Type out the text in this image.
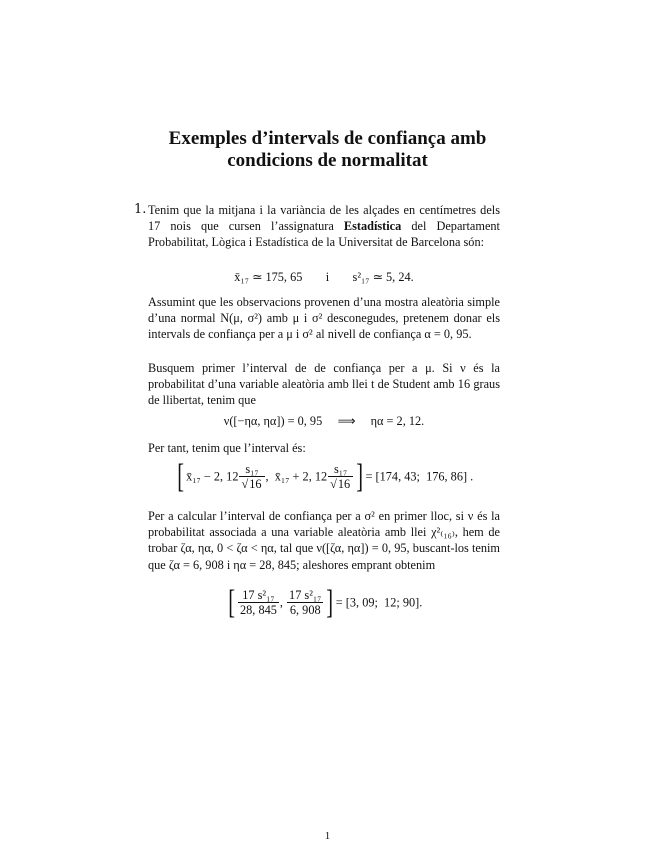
Exemples d’intervals de confiança amb
condicions de normalitat
1. Tenim que la mitjana i la variància de les alçades en centímetres dels 17 nois que cursen l’assignatura Estadística del Departament Probabilitat, Lògica i Estadística de la Universitat de Barcelona són:

x̄₁₇ ≃ 175, 65 i s²₁₇ ≃ 5, 24.

Assumint que les observacions provenen d’una mostra aleatòria simple d’una normal N(μ, σ²) amb μ i σ² desconegudes, pretenem donar els intervals de confiança per a μ i σ² al nivell de confiança α = 0, 95.

Busquem primer l’interval de de confiança per a μ. Si ν és la probabilitat d’una variable aleatòria amb llei t de Student amb 16 graus de llibertat, tenim que

ν([−ηα, ηα]) = 0, 95     ⟹     ηα = 2, 12.

Per tant, tenim que l’interval és:

[ x̄₁₇ − 2, $12 \frac{\text{s₁₇}}{√16}$ ,  x̄₁₇ + 2, $12 \frac{\text{s₁₇}}{√16}$ ] = [174, 43;  176, 86] .

Per a calcular l’interval de confiança per a σ² en primer lloc, si ν és la probabilitat associada a una variable aleatòria amb llei χ²₍₁₆₎, hem de trobar ζα, ηα, 0 < ζα < ηα, tal que ν([ζα, ηα]) = 0, 95, buscant-los tenim que ζα = 6, 908 i ηα = 28, 845; aleshores emprant obtenim

[ $\frac{\text{17 s²₁₇}}{28, 845}$ , $\frac{\text{17 s²₁₇}}{6, 908}$ ] = [3, 09;  12; 90].
1
